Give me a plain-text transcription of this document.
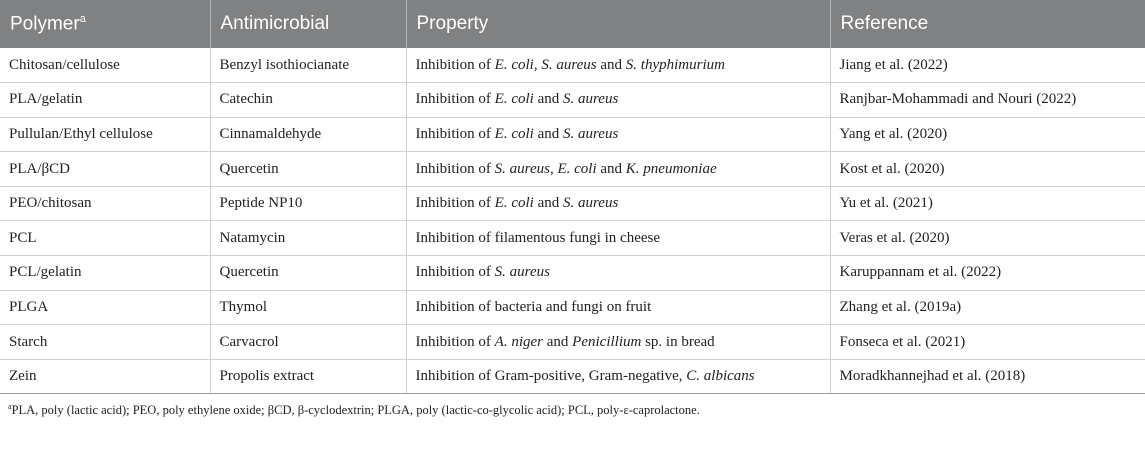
Polymer$^a$	Antimicrobial	Property	Reference
Chitosan/cellulose	Benzyl isothiocianate	Inhibition of E. coli, S. aureus and S. thyphimurium	Jiang et al. (2022)
PLA/gelatin	Catechin	Inhibition of E. coli and S. aureus	Ranjbar-Mohammadi and Nouri (2022)
Pullulan/Ethyl cellulose	Cinnamaldehyde	Inhibition of E. coli and S. aureus	Yang et al. (2020)
PLA/βCD	Quercetin	Inhibition of S. aureus, E. coli and K. pneumoniae	Kost et al. (2020)
PEO/chitosan	Peptide NP10	Inhibition of E. coli and S. aureus	Yu et al. (2021)
PCL	Natamycin	Inhibition of filamentous fungi in cheese	Veras et al. (2020)
PCL/gelatin	Quercetin	Inhibition of S. aureus	Karuppannam et al. (2022)
PLGA	Thymol	Inhibition of bacteria and fungi on fruit	Zhang et al. (2019a)
Starch	Carvacrol	Inhibition of A. niger and Penicillium sp. in bread	Fonseca et al. (2021)
Zein	Propolis extract	Inhibition of Gram-positive, Gram-negative, C. albicans	Moradkhannejhad et al. (2018)
$^a$PLA, poly (lactic acid); PEO, poly ethylene oxide; βCD, β-cyclodextrin; PLGA, poly (lactic-co-glycolic acid); PCL, poly-ε-caprolactone.
